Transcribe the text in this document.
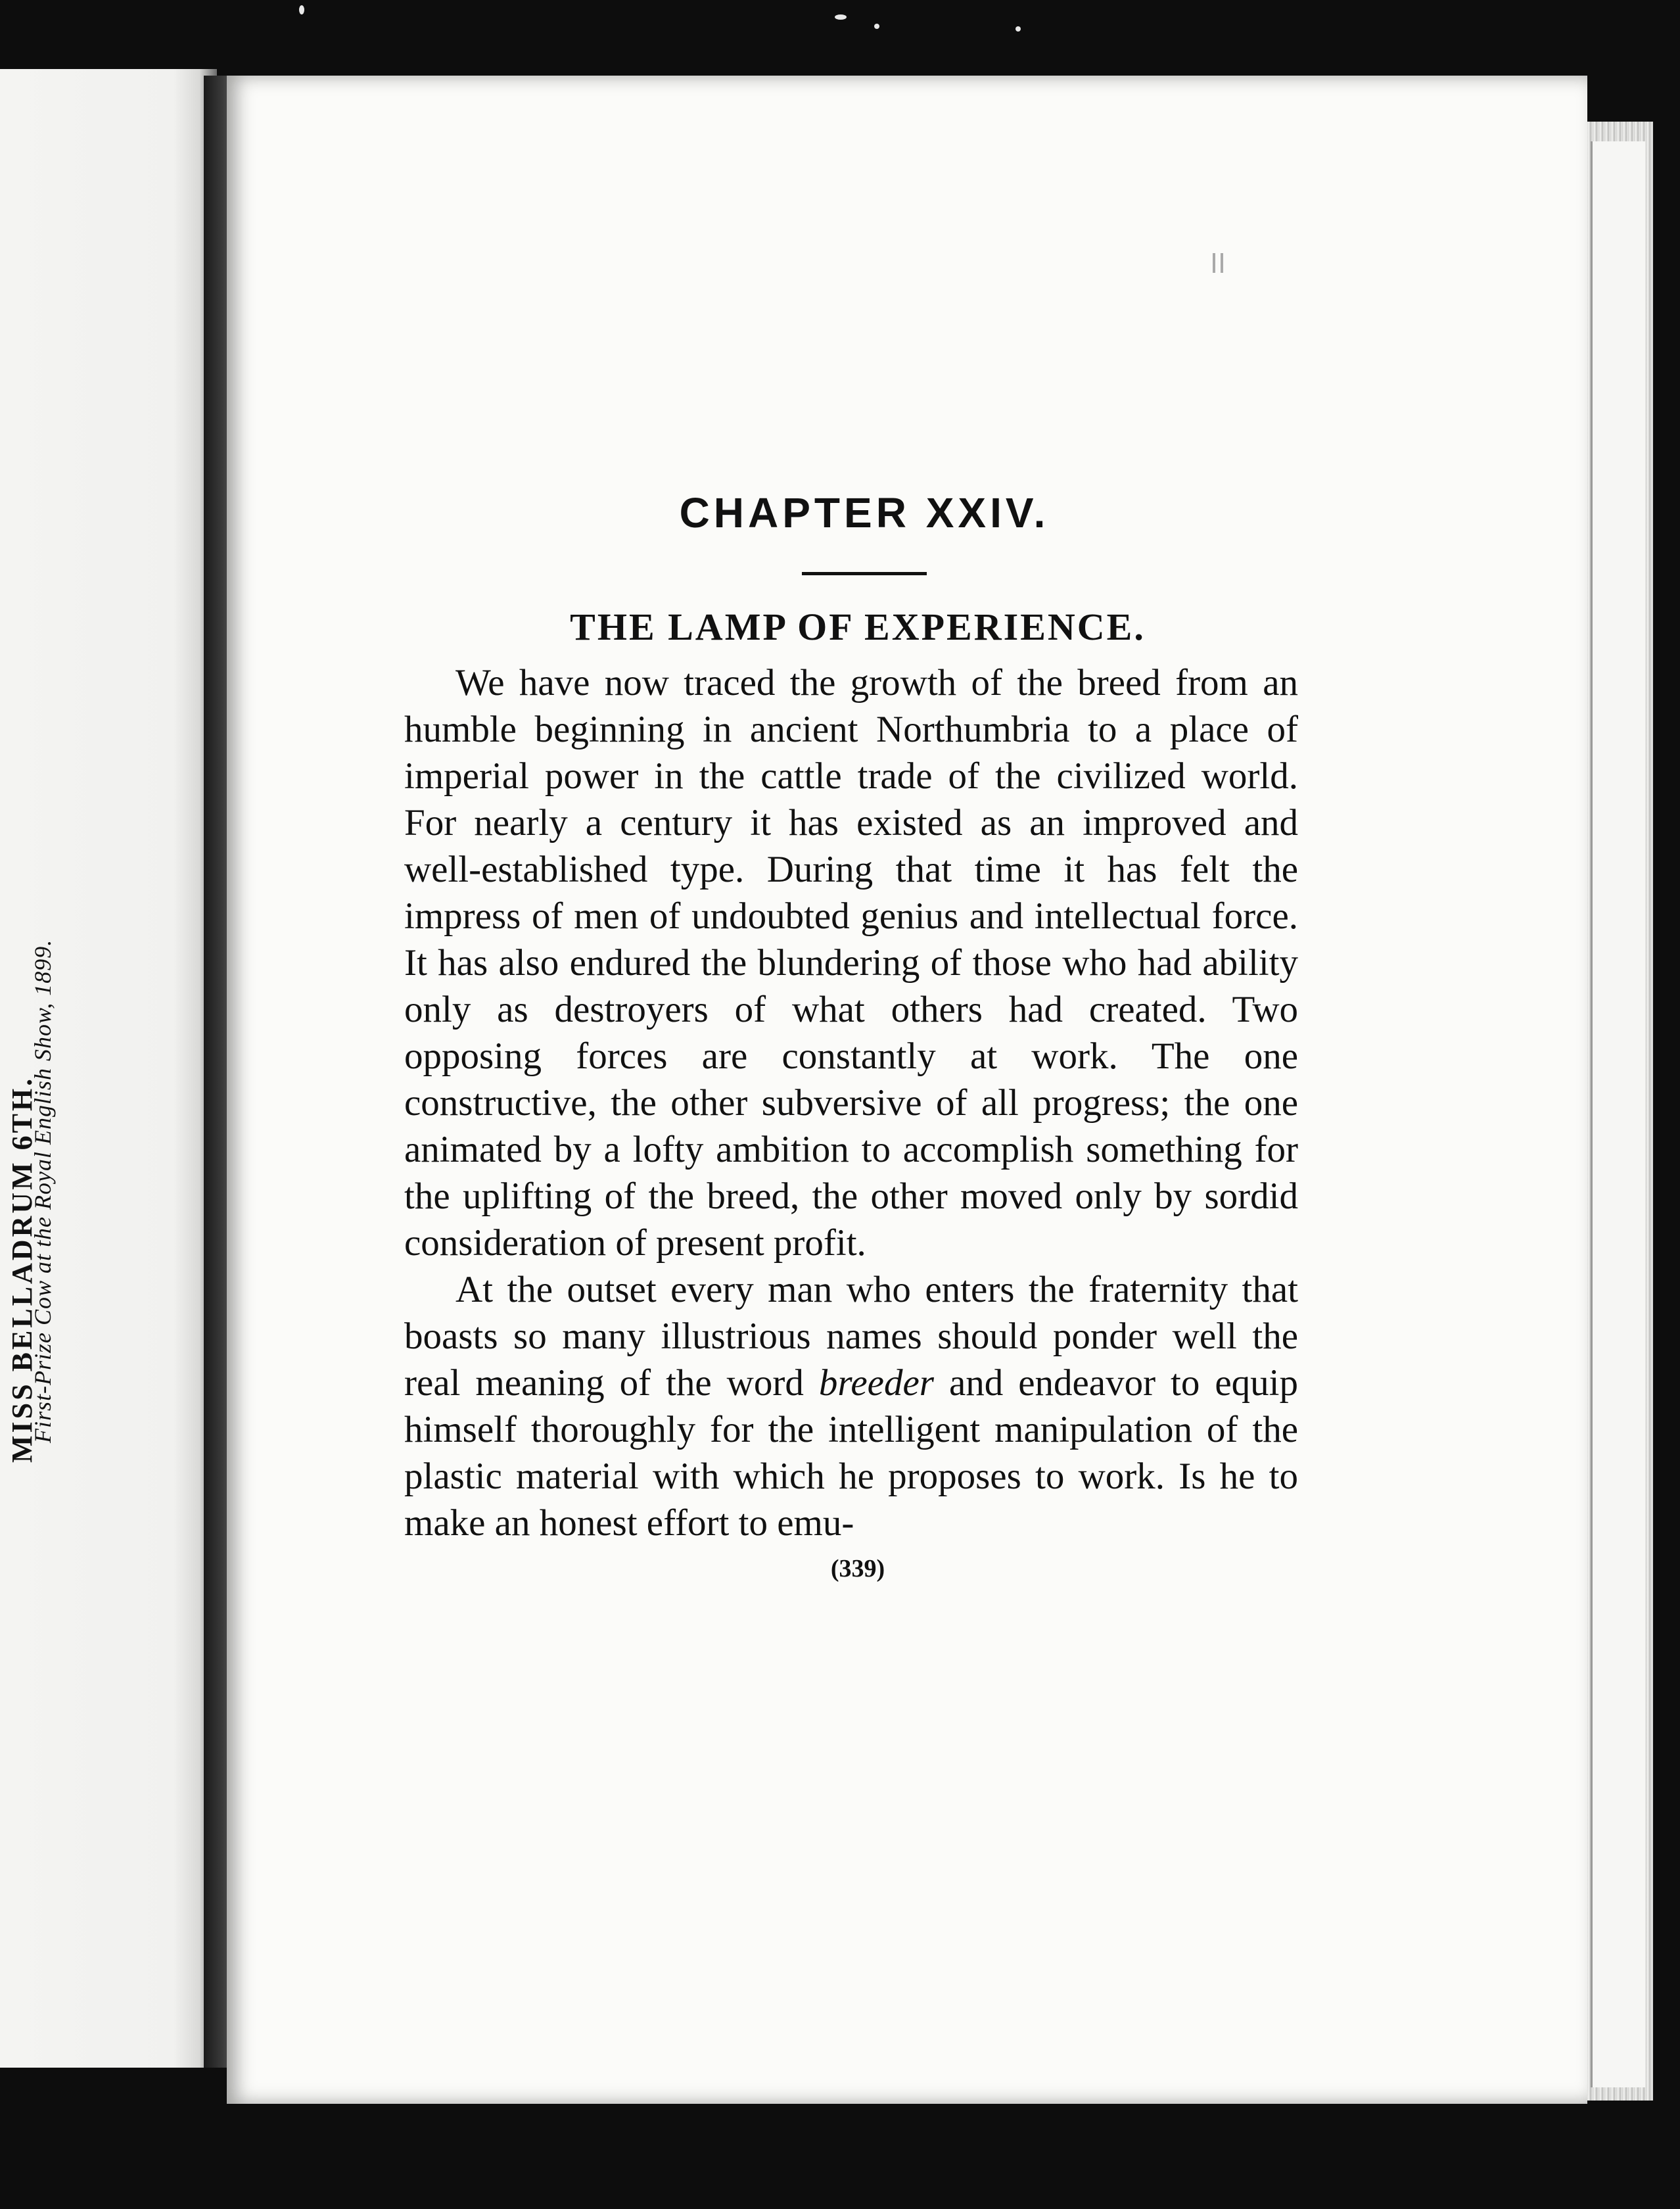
MISS BELLADRUM 6TH.
First-Prize Cow at the Royal English Show, 1899.
CHAPTER XXIV.
THE LAMP OF EXPERIENCE.

We have now traced the growth of the breed from an humble beginning in ancient Northumbria to a place of imperial power in the cattle trade of the civilized world. For nearly a century it has existed as an improved and well-established type. During that time it has felt the impress of men of undoubted genius and intellectual force. It has also endured the blundering of those who had ability only as destroyers of what others had created. Two opposing forces are constantly at work. The one constructive, the other subversive of all progress; the one animated by a lofty ambition to accomplish something for the uplifting of the breed, the other moved only by sordid consideration of present profit.

At the outset every man who enters the fraternity that boasts so many illustrious names should ponder well the real meaning of the word breeder and endeavor to equip himself thoroughly for the intelligent manipulation of the plastic material with which he proposes to work. Is he to make an honest effort to emu-

(339)
